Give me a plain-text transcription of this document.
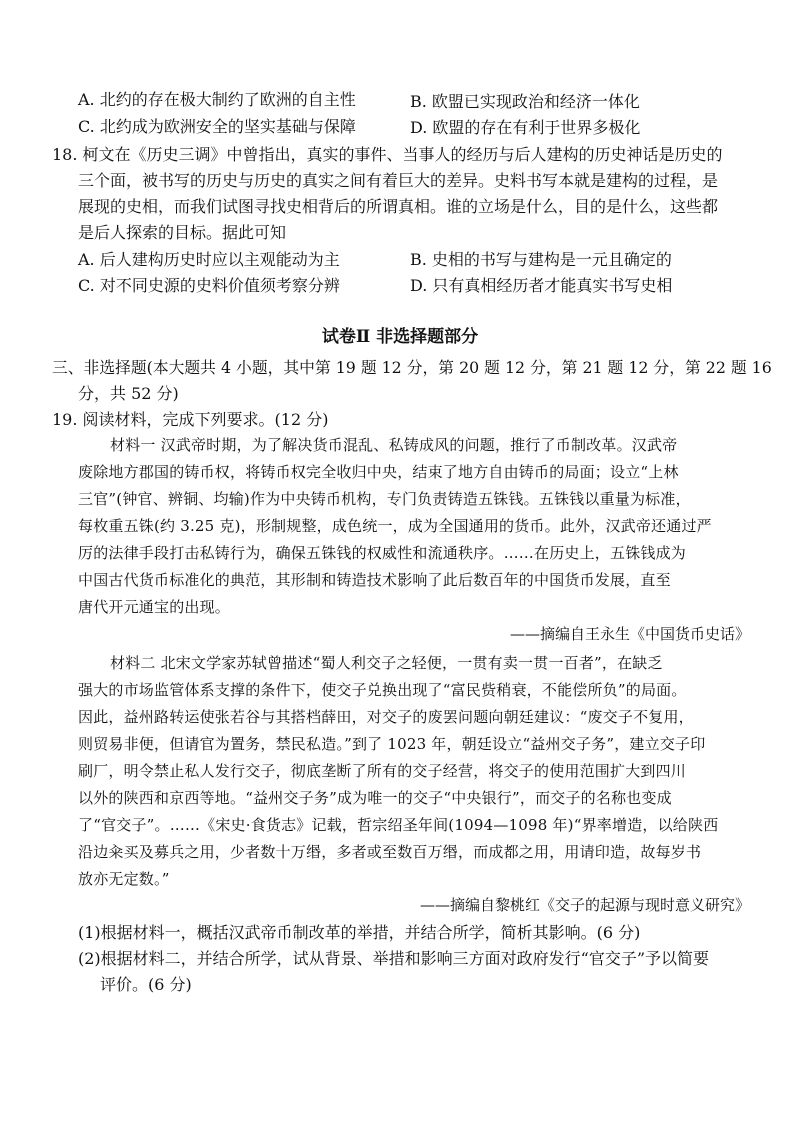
A. 北约的存在极大制约了欧洲的自主性	B. 欧盟已实现政治和经济一体化
C. 北约成为欧洲安全的坚实基础与保障	D. 欧盟的存在有利于世界多极化
18. 柯文在《历史三调》中曾指出，真实的事件、当事人的经历与后人建构的历史神话是历史的
三个面，被书写的历史与历史的真实之间有着巨大的差异。史料书写本就是建构的过程，是
展现的史相，而我们试图寻找史相背后的所谓真相。谁的立场是什么，目的是什么，这些都
是后人探索的目标。据此可知
A. 后人建构历史时应以主观能动为主	B. 史相的书写与建构是一元且确定的
C. 对不同史源的史料价值须考察分辨	D. 只有真相经历者才能真实书写史相
试卷Ⅱ 非选择题部分
三、非选择题(本大题共 4 小题，其中第 19 题 12 分，第 20 题 12 分，第 21 题 12 分，第 22 题 16
分，共 52 分)
19. 阅读材料，完成下列要求。(12 分)
材料一 汉武帝时期，为了解决货币混乱、私铸成风的问题，推行了币制改革。汉武帝
废除地方郡国的铸币权，将铸币权完全收归中央，结束了地方自由铸币的局面；设立“上林
三官”(钟官、辨铜、均输)作为中央铸币机构，专门负责铸造五铢钱。五铢钱以重量为标准，
每枚重五铢(约 3.25 克)，形制规整，成色统一，成为全国通用的货币。此外，汉武帝还通过严
厉的法律手段打击私铸行为，确保五铢钱的权威性和流通秩序。……在历史上，五铢钱成为
中国古代货币标准化的典范，其形制和铸造技术影响了此后数百年的中国货币发展，直至
唐代开元通宝的出现。
——摘编自王永生《中国货币史话》
材料二 北宋文学家苏轼曾描述“蜀人利交子之轻便，一贯有卖一贯一百者”，在缺乏
强大的市场监管体系支撑的条件下，使交子兑换出现了“富民赀稍衰，不能偿所负”的局面。
因此，益州路转运使张若谷与其搭档薛田，对交子的废罢问题向朝廷建议：“废交子不复用，
则贸易非便，但请官为置务，禁民私造。”到了 1023 年，朝廷设立“益州交子务”，建立交子印
刷厂，明令禁止私人发行交子，彻底垄断了所有的交子经营，将交子的使用范围扩大到四川
以外的陕西和京西等地。“益州交子务”成为唯一的交子“中央银行”，而交子的名称也变成
了“官交子”。……《宋史·食货志》记载，哲宗绍圣年间(1094—1098 年)“界率增造，以给陕西
沿边籴买及募兵之用，少者数十万缗，多者或至数百万缗，而成都之用，用请印造，故每岁书
放亦无定数。”
——摘编自黎桃红《交子的起源与现时意义研究》
(1)根据材料一，概括汉武帝币制改革的举措，并结合所学，简析其影响。(6 分)
(2)根据材料二，并结合所学，试从背景、举措和影响三方面对政府发行“官交子”予以简要
评价。(6 分)
